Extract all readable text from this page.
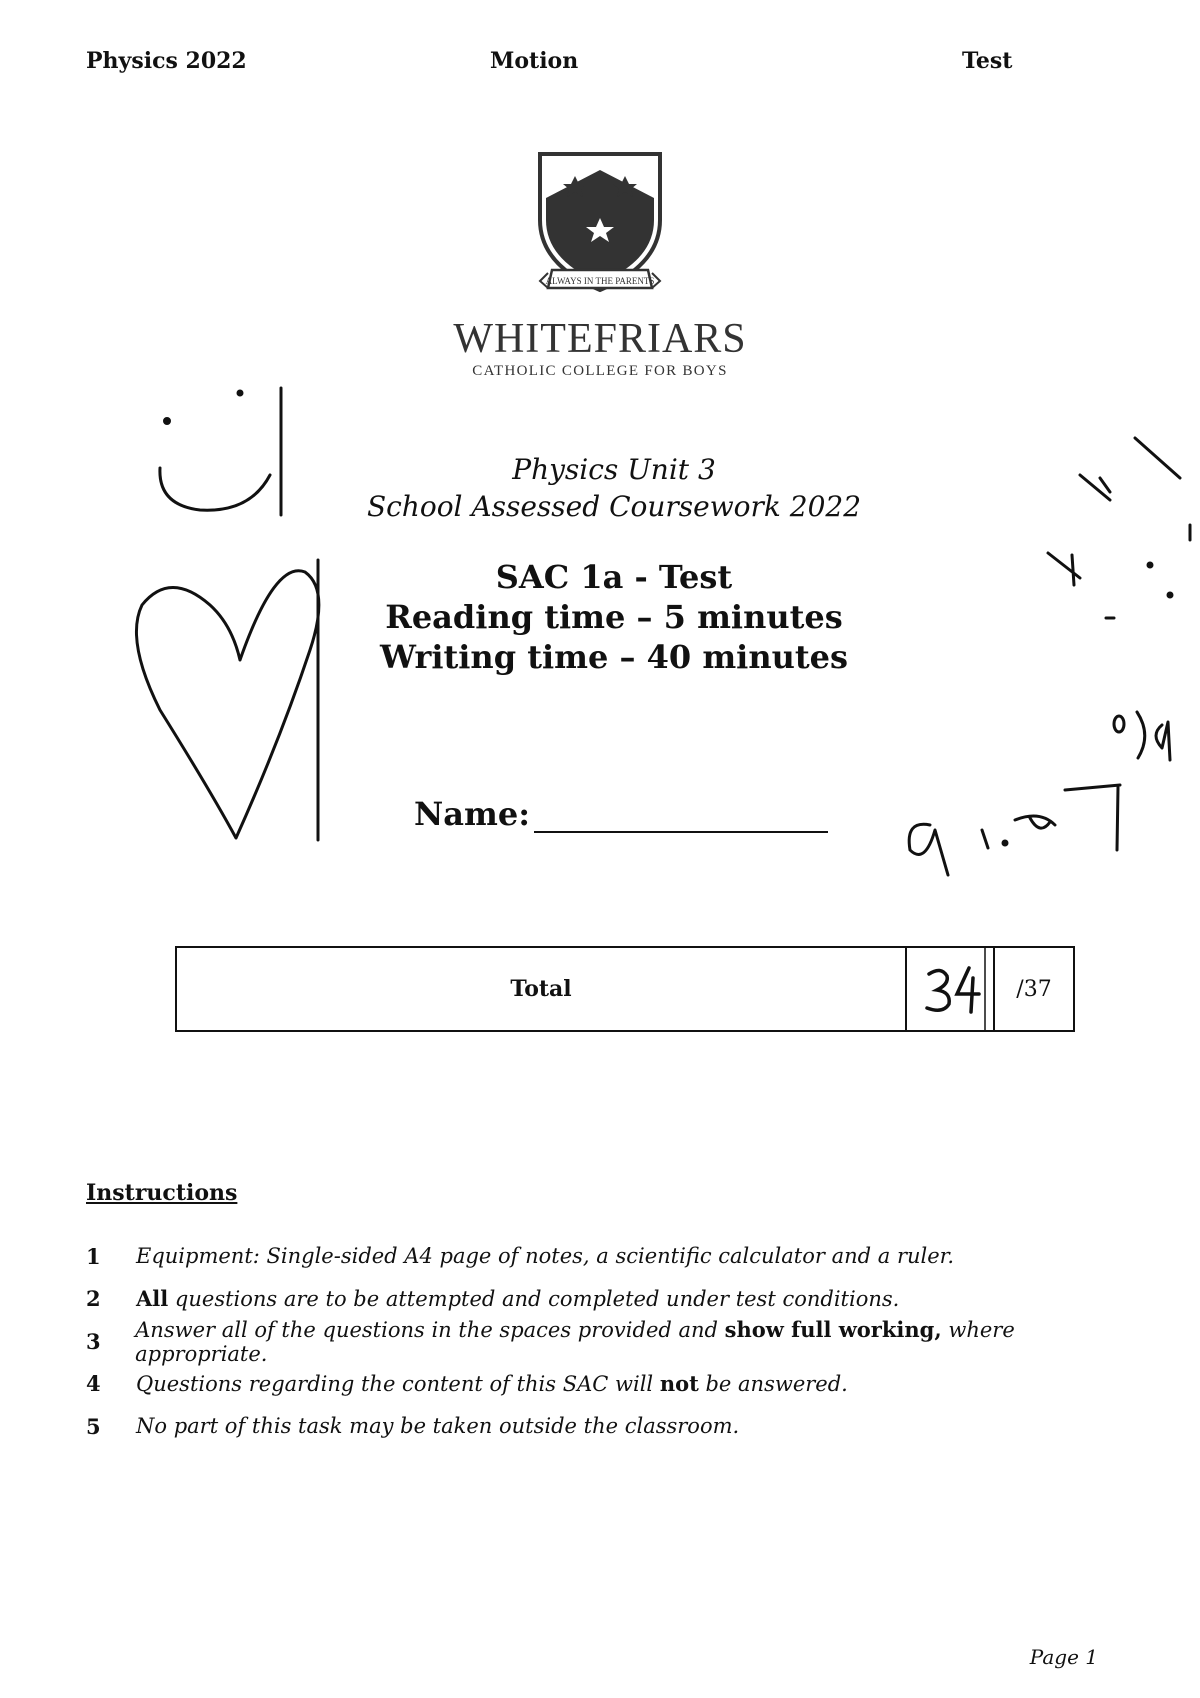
Physics 2022	Motion	Test
ALWAYS IN THE PARENTS
WHITEFRIARS
CATHOLIC COLLEGE FOR BOYS
Physics Unit 3
School Assessed Coursework 2022
SAC 1a - Test
Reading time – 5 minutes
Writing time – 40 minutes
Name:
Total	/37
Instructions
1	Equipment: Single-sided A4 page of notes, a scientific calculator and a ruler.
2	All questions are to be attempted and completed under test conditions.
3	Answer all of the questions in the spaces provided and show full working, where appropriate.
4	Questions regarding the content of this SAC will not be answered.
5	No part of this task may be taken outside the classroom.
Page 1
